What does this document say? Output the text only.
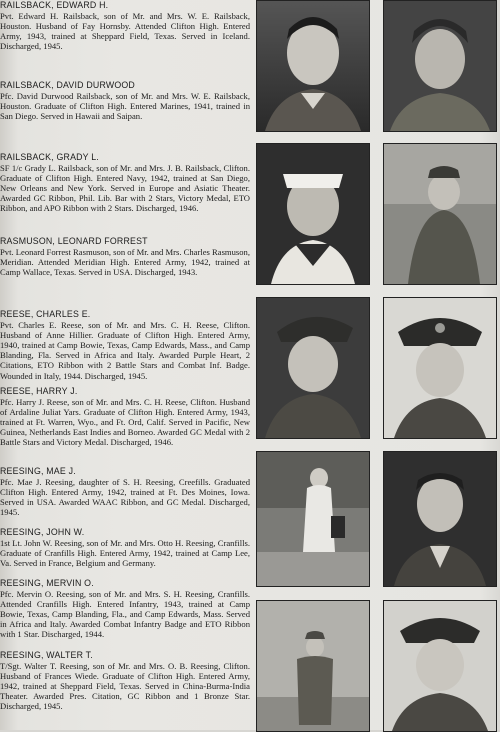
RAILSBACK, EDWARD H.

Pvt. Edward H. Railsback, son of Mr. and Mrs. W. E. Railsback, Houston. Husband of Fay Hornsby. Attended Clifton High. Entered Army, 1943, trained at Sheppard Field, Texas. Served in Iceland. Discharged, 1945.

RAILSBACK, DAVID DURWOOD

Pfc. David Durwood Railsback, son of Mr. and Mrs. W. E. Railsback, Houston. Graduate of Clifton High. Entered Marines, 1941, trained in San Diego. Served in Hawaii and Saipan.

RAILSBACK, GRADY L.

SF 1/c Grady L. Railsback, son of Mr. and Mrs. J. B. Railsback, Clifton. Graduate of Clifton High. Entered Navy, 1942, trained at San Diego, New Orleans and New York. Served in Europe and Asiatic Theater. Awarded GC Ribbon, Phil. Lib. Bar with 2 Stars, Victory Medal, ETO Ribbon, and APO Ribbon with 2 Stars. Discharged, 1946.

RASMUSON, LEONARD FORREST

Pvt. Leonard Forrest Rasmuson, son of Mr. and Mrs. Charles Rasmuson, Meridian. Attended Meridian High. Entered Army, 1942, trained at Camp Wallace, Texas. Served in USA. Discharged, 1943.

REESE, CHARLES E.

Pvt. Charles E. Reese, son of Mr. and Mrs. C. H. Reese, Clifton. Husband of Anne Hillier. Graduate of Clifton High. Entered Army, 1940, trained at Camp Bowie, Texas, Camp Edwards, Mass., and Camp Blanding, Fla. Served in Africa and Italy. Awarded Purple Heart, 2 Citations, ETO Ribbon with 2 Battle Stars and Combat Inf. Badge. Wounded in Italy, 1944. Discharged, 1945.

REESE, HARRY J.

Pfc. Harry J. Reese, son of Mr. and Mrs. C. H. Reese, Clifton. Husband of Ardaline Juliat Yars. Graduate of Clifton High. Entered Army, 1943, trained at Ft. Warren, Wyo., and Ft. Ord, Calif. Served in Pacific, New Guinea, Netherlands East Indies and Borneo. Awarded GC Medal with 2 Battle Stars and Victory Medal. Discharged, 1946.

REESING, MAE J.

Pfc. Mae J. Reesing, daughter of S. H. Reesing, Creefills. Graduated Clifton High. Entered Army, 1942, trained at Ft. Des Moines, Iowa. Served in USA. Awarded WAAC Ribbon, and GC Medal. Discharged, 1945.

REESING, JOHN W.

1st Lt. John W. Reesing, son of Mr. and Mrs. Otto H. Reesing, Cranfills. Graduate of Cranfills High. Entered Army, 1942, trained at Camp Lee, Va. Served in France, Belgium and Germany.

REESING, MERVIN O.

Pfc. Mervin O. Reesing, son of Mr. and Mrs. S. H. Reesing, Cranfills. Attended Cranfills High. Entered Infantry, 1943, trained at Camp Bowie, Texas, Camp Blanding, Fla., and Camp Edwards, Mass. Served in Africa and Italy. Awarded Combat Infantry Badge and ETO Ribbon with 1 Star. Discharged, 1944.

REESING, WALTER T.

T/Sgt. Walter T. Reesing, son of Mr. and Mrs. O. B. Reesing, Clifton. Husband of Frances Wiede. Graduate of Clifton High. Entered Army, 1942, trained at Sheppard Field, Texas. Served in China-Burma-India Theater. Awarded Pres. Citation, GC Ribbon and 1 Bronze Star. Discharged, 1945.
